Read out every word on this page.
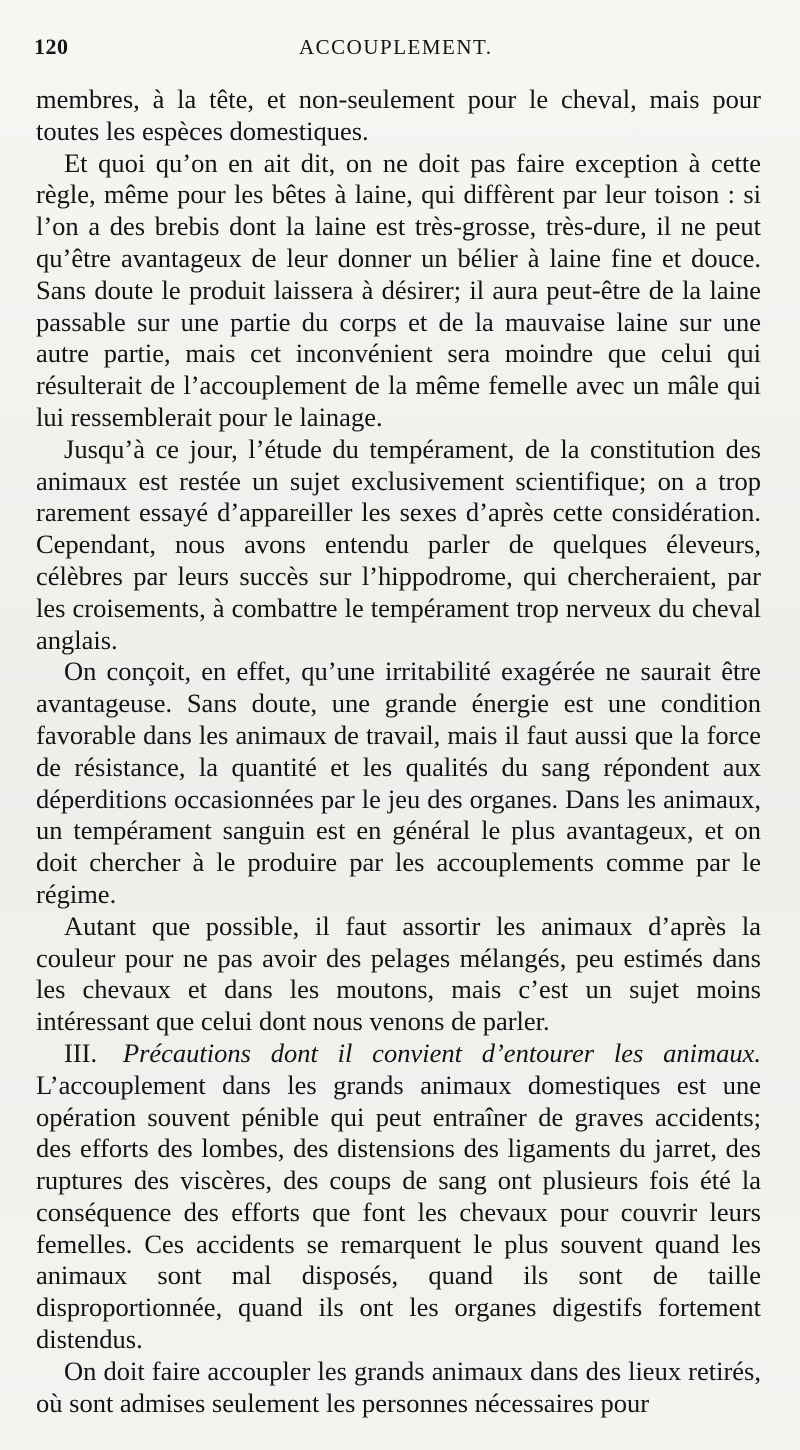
120	ACCOUPLEMENT.

membres, à la tête, et non-seulement pour le cheval, mais pour toutes les espèces domestiques.

Et quoi qu’on en ait dit, on ne doit pas faire exception à cette règle, même pour les bêtes à laine, qui diffèrent par leur toison : si l’on a des brebis dont la laine est très-grosse, très-dure, il ne peut qu’être avantageux de leur donner un bélier à laine fine et douce. Sans doute le produit laissera à désirer; il aura peut-être de la laine passable sur une partie du corps et de la mauvaise laine sur une autre partie, mais cet inconvénient sera moindre que celui qui résulterait de l’accouplement de la même femelle avec un mâle qui lui ressemblerait pour le lainage.

Jusqu’à ce jour, l’étude du tempérament, de la constitution des animaux est restée un sujet exclusivement scientifique; on a trop rarement essayé d’appareiller les sexes d’après cette considération. Cependant, nous avons entendu parler de quelques éleveurs, célèbres par leurs succès sur l’hippodrome, qui chercheraient, par les croisements, à combattre le tempérament trop nerveux du cheval anglais.

On conçoit, en effet, qu’une irritabilité exagérée ne saurait être avantageuse. Sans doute, une grande énergie est une condition favorable dans les animaux de travail, mais il faut aussi que la force de résistance, la quantité et les qualités du sang répondent aux déperditions occasionnées par le jeu des organes. Dans les animaux, un tempérament sanguin est en général le plus avantageux, et on doit chercher à le produire par les accouplements comme par le régime.

Autant que possible, il faut assortir les animaux d’après la couleur pour ne pas avoir des pelages mélangés, peu estimés dans les chevaux et dans les moutons, mais c’est un sujet moins intéressant que celui dont nous venons de parler.

III. Précautions dont il convient d’entourer les animaux. L’accouplement dans les grands animaux domestiques est une opération souvent pénible qui peut entraîner de graves accidents; des efforts des lombes, des distensions des ligaments du jarret, des ruptures des viscères, des coups de sang ont plusieurs fois été la conséquence des efforts que font les chevaux pour couvrir leurs femelles. Ces accidents se remarquent le plus souvent quand les animaux sont mal disposés, quand ils sont de taille disproportionnée, quand ils ont les organes digestifs fortement distendus.

On doit faire accoupler les grands animaux dans des lieux retirés, où sont admises seulement les personnes nécessaires pour
